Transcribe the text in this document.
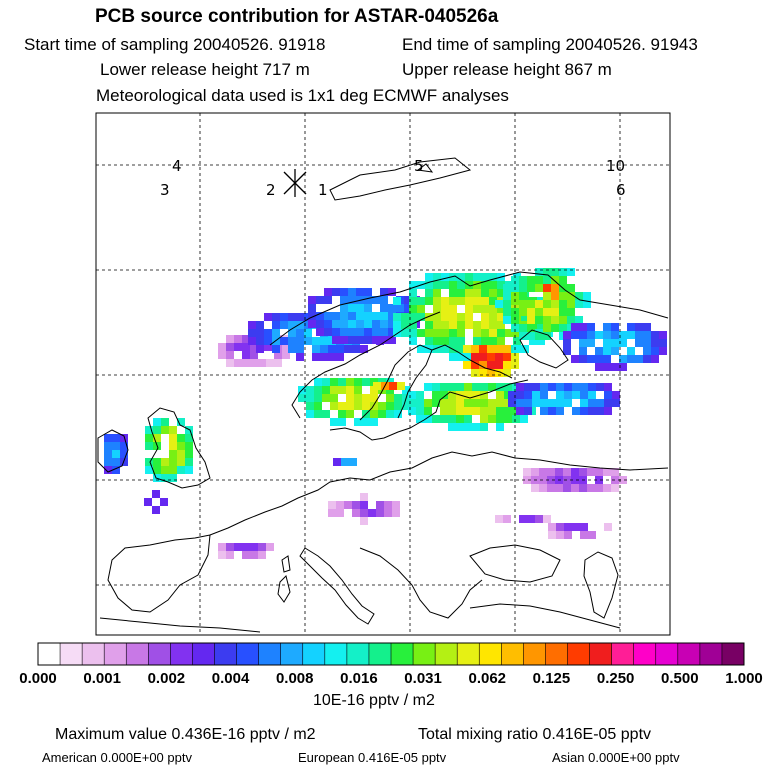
PCB source contribution for ASTAR-040526a
Start time of sampling 20040526. 91918	End time of sampling 20040526. 91943
Lower release height 717 m	Upper release height 867 m
Meteorological data used is 1x1 deg ECMWF analyses
4
3	2	1
5	10
6
0.000 0.001 0.002 0.004 0.008 0.016 0.031 0.062 0.125 0.250 0.500 1.000
10E-16 pptv / m2
Maximum value 0.436E-16 pptv / m2	Total mixing ratio 0.416E-05 pptv
American 0.000E+00 pptv	European 0.416E-05 pptv	Asian 0.000E+00 pptv
